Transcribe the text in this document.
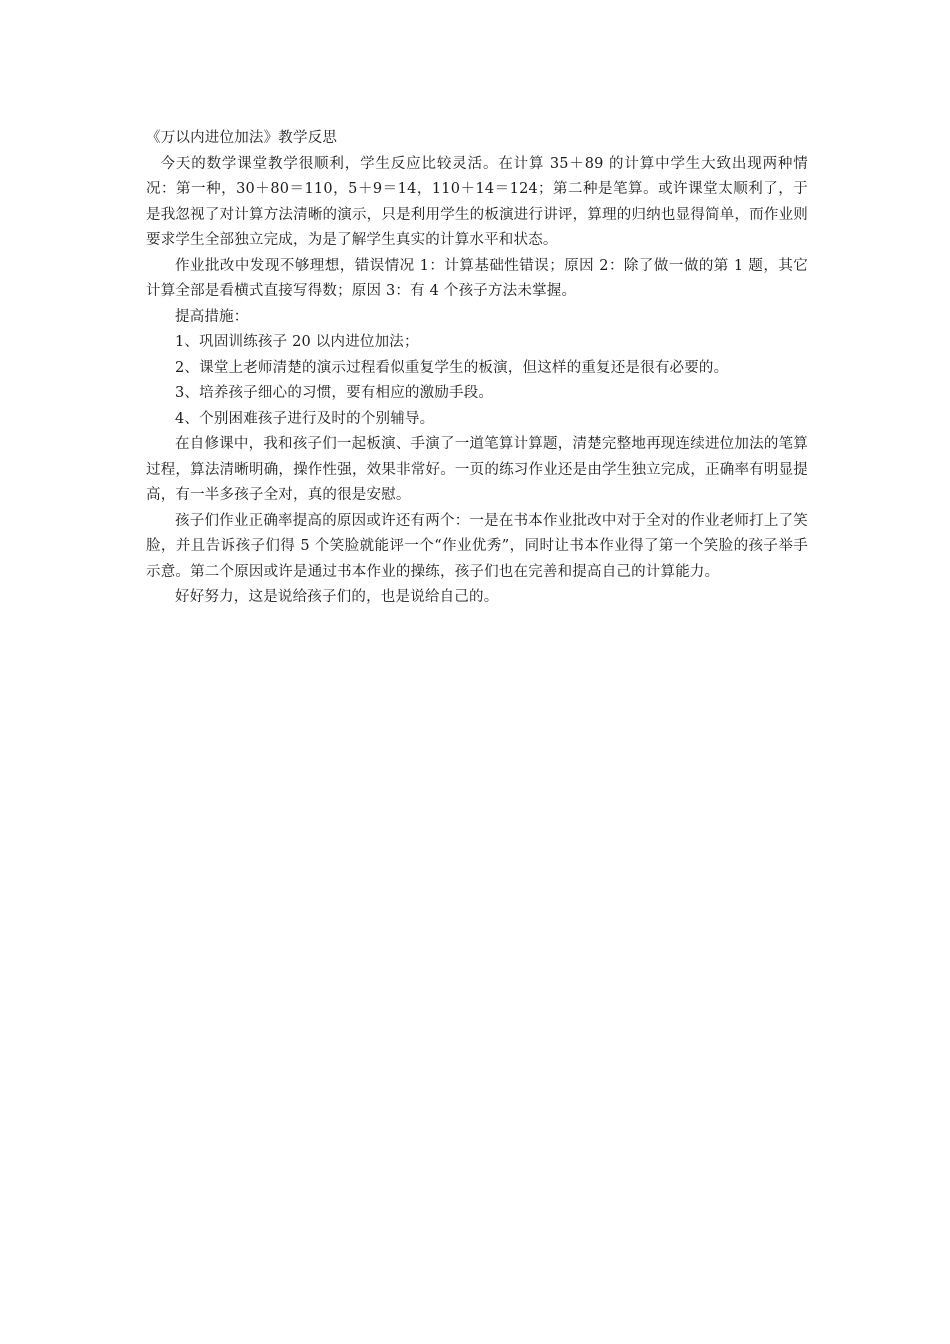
《万以内进位加法》教学反思

今天的数学课堂教学很顺利，学生反应比较灵活。在计算 35＋89 的计算中学生大致出现两种情况：第一种，30＋80＝110，5＋9＝14，110＋14＝124；第二种是笔算。或许课堂太顺利了，于是我忽视了对计算方法清晰的演示，只是利用学生的板演进行讲评，算理的归纳也显得简单，而作业则要求学生全部独立完成，为是了解学生真实的计算水平和状态。

作业批改中发现不够理想，错误情况 1：计算基础性错误；原因 2：除了做一做的第 1 题，其它计算全部是看横式直接写得数；原因 3：有 4 个孩子方法未掌握。

提高措施：

1、巩固训练孩子 20 以内进位加法；

2、课堂上老师清楚的演示过程看似重复学生的板演，但这样的重复还是很有必要的。

3、培养孩子细心的习惯，要有相应的激励手段。

4、个别困难孩子进行及时的个别辅导。

在自修课中，我和孩子们一起板演、手演了一道笔算计算题，清楚完整地再现连续进位加法的笔算过程，算法清晰明确，操作性强，效果非常好。一页的练习作业还是由学生独立完成，正确率有明显提高，有一半多孩子全对，真的很是安慰。

孩子们作业正确率提高的原因或许还有两个：一是在书本作业批改中对于全对的作业老师打上了笑脸，并且告诉孩子们得 5 个笑脸就能评一个“作业优秀”，同时让书本作业得了第一个笑脸的孩子举手示意。第二个原因或许是通过书本作业的操练，孩子们也在完善和提高自己的计算能力。

好好努力，这是说给孩子们的，也是说给自己的。
